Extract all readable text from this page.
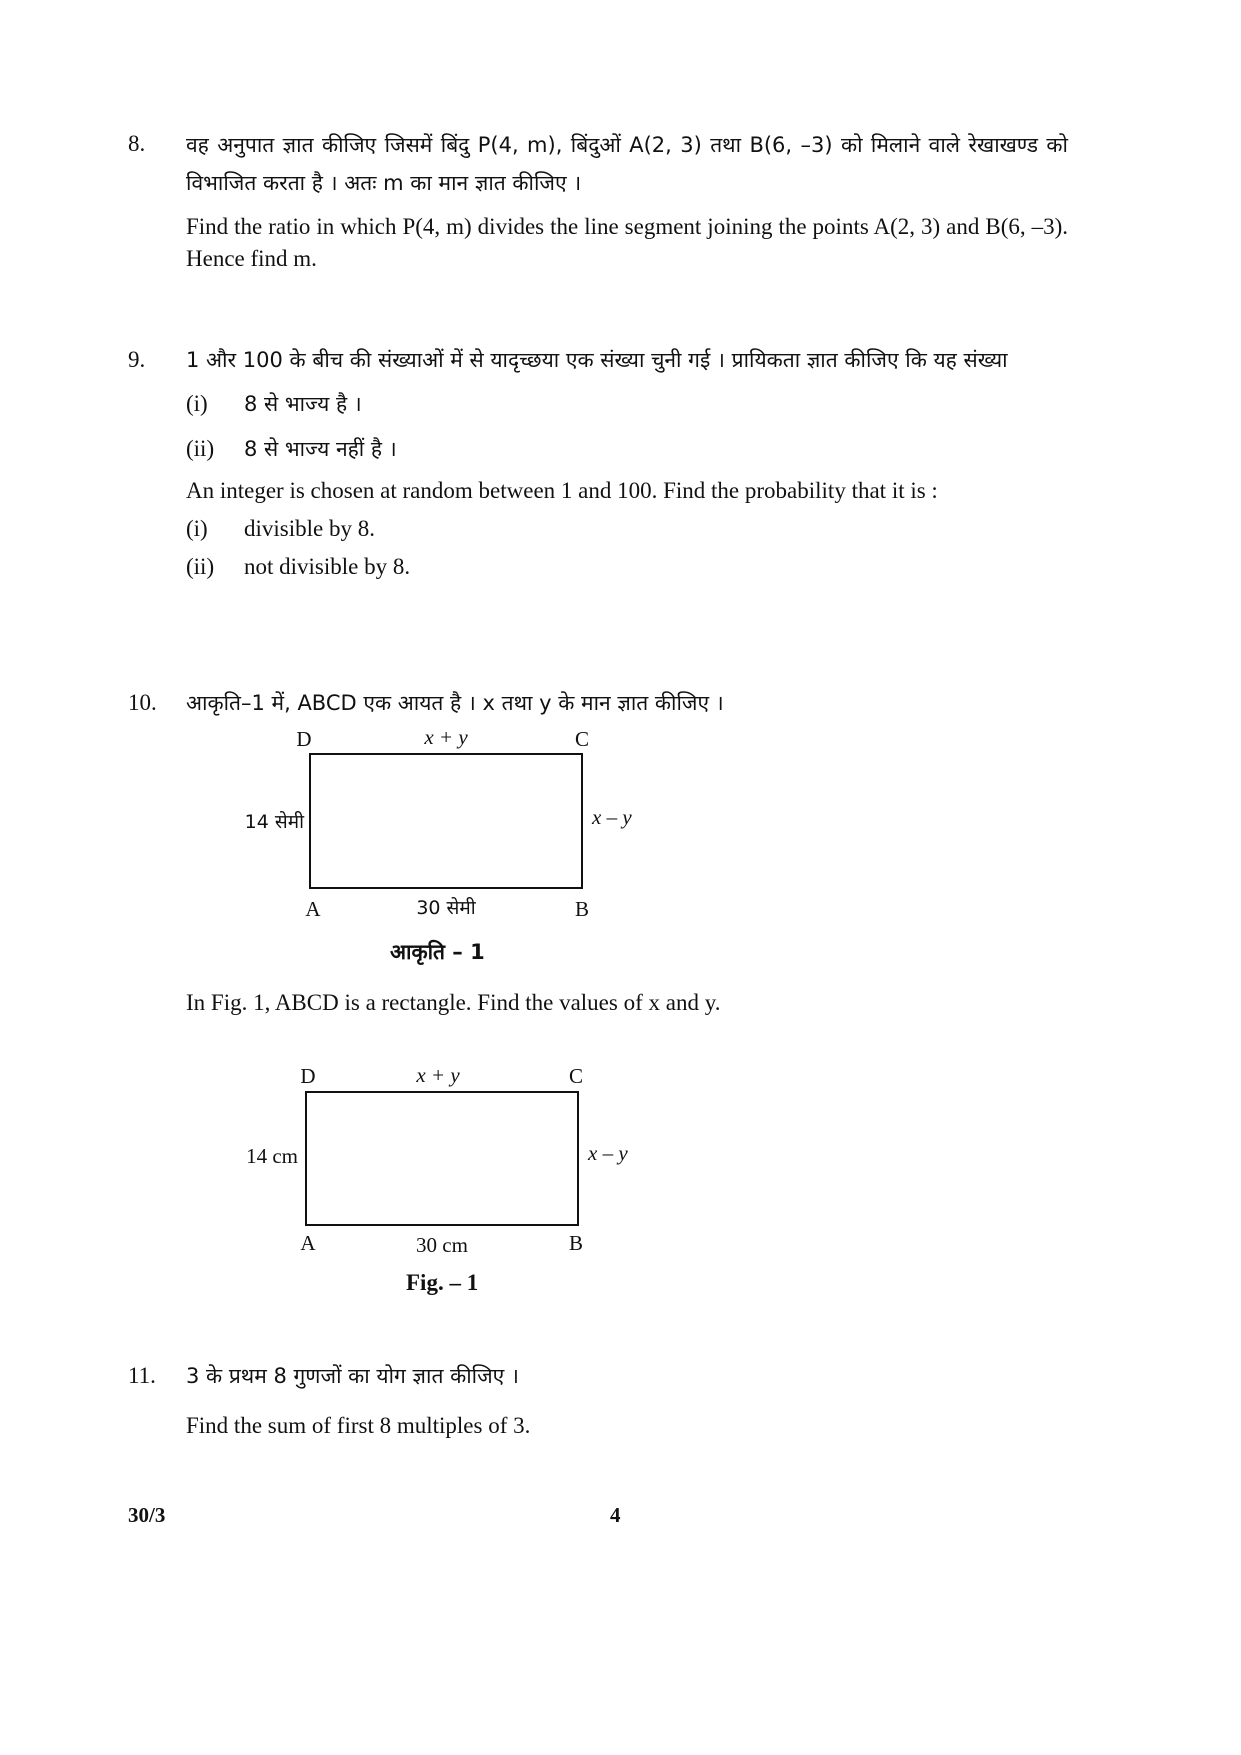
8. वह अनुपात ज्ञात कीजिए जिसमें बिंदु P(4, m), बिंदुओं A(2, 3) तथा B(6, –3) को मिलाने वाले रेखाखण्ड को विभाजित करता है । अतः m का मान ज्ञात कीजिए ।

Find the ratio in which P(4, m) divides the line segment joining the points A(2, 3) and B(6, –3). Hence find m.

9. 1 और 100 के बीच की संख्याओं में से यादृच्छया एक संख्या चुनी गई । प्रायिकता ज्ञात कीजिए कि यह संख्या

(i)	8 से भाज्य है ।
(ii)	8 से भाज्य नहीं है ।

An integer is chosen at random between 1 and 100. Find the probability that it is :

(i)	divisible by 8.
(ii)	not divisible by 8.
10. आकृति–1 में, ABCD एक आयत है । x तथा y के मान ज्ञात कीजिए ।

D	C
A	B
x + y
x – y
14 सेमी
30 सेमी
आकृति – 1

In Fig. 1, ABCD is a rectangle. Find the values of x and y.

D	C
A	B
x + y
x – y
14 cm
30 cm
Fig. – 1
11. 3 के प्रथम 8 गुणजों का योग ज्ञात कीजिए ।

Find the sum of first 8 multiples of 3.

30/3	4
